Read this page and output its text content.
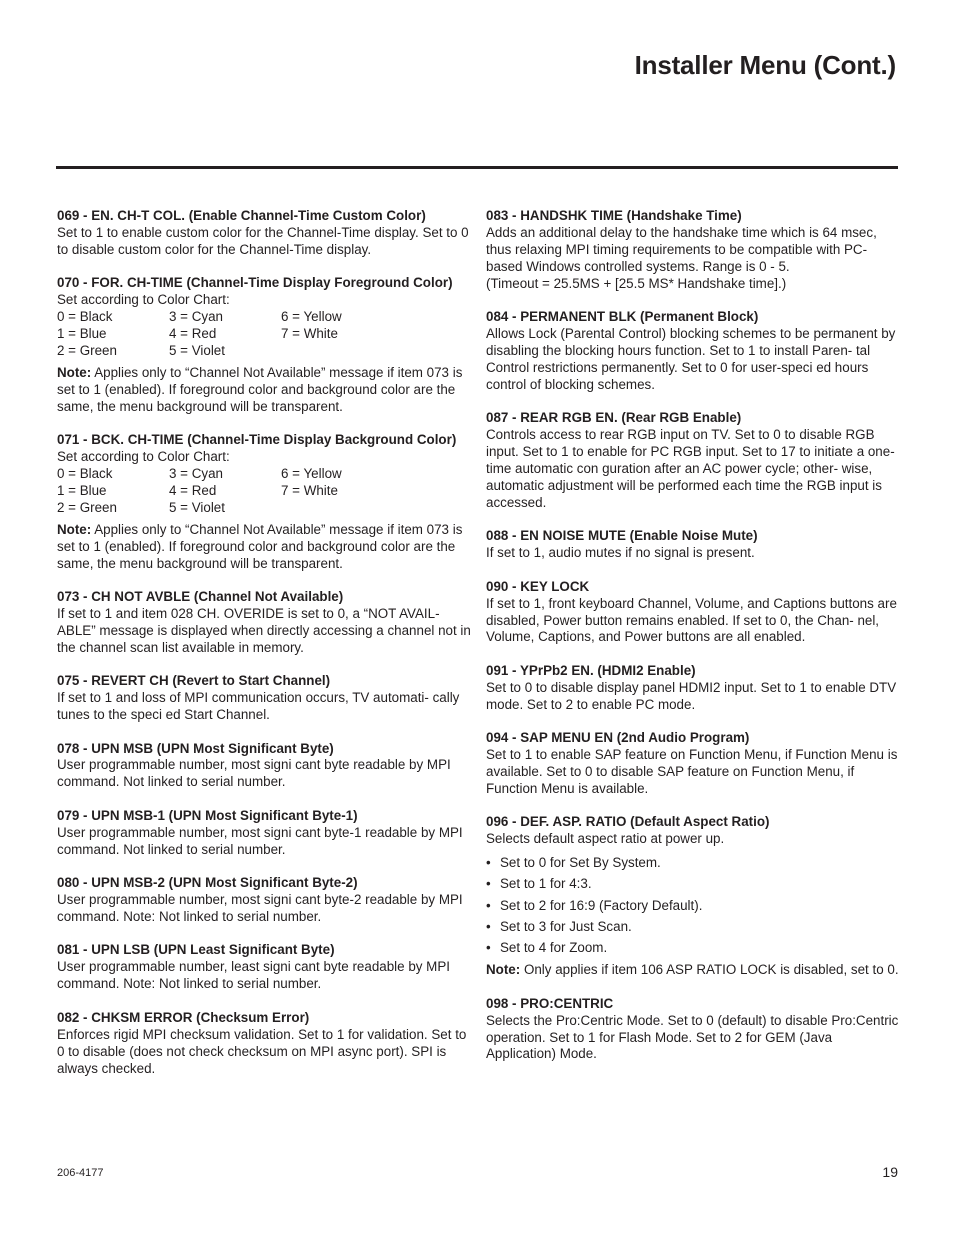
Installer Menu (Cont.)
069 - EN. CH-T COL. (Enable Channel-Time Custom Color)

Set to 1 to enable custom color for the Channel-Time display. Set to 0 to disable custom color for the Channel-Time display.

070 - FOR. CH-TIME (Channel-Time Display Foreground Color)
Set according to Color Chart:
0 = Black	3 = Cyan	6 = Yellow
1 = Blue	4 = Red	7 = White
2 = Green	5 = Violet

Note: Applies only to “Channel Not Available” message if item 073 is set to 1 (enabled). If foreground color and background color are the same, the menu background will be transparent.

071 - BCK. CH-TIME (Channel-Time Display Background Color)
Set according to Color Chart:
0 = Black	3 = Cyan	6 = Yellow
1 = Blue	4 = Red	7 = White
2 = Green	5 = Violet

Note: Applies only to “Channel Not Available” message if item 073 is set to 1 (enabled). If foreground color and background color are the same, the menu background will be transparent.

073 - CH NOT AVBLE (Channel Not Available)

If set to 1 and item 028 CH. OVERIDE is set to 0, a “NOT AVAIL- ABLE” message is displayed when directly accessing a channel not in the channel scan list available in memory.

075 - REVERT CH (Revert to Start Channel)

If set to 1 and loss of MPI communication occurs, TV automati- cally tunes to the speci ed Start Channel.

078 - UPN MSB (UPN Most Significant Byte)

User programmable number, most signi cant byte readable by MPI command. Not linked to serial number.

079 - UPN MSB-1 (UPN Most Significant Byte-1)

User programmable number, most signi cant byte-1 readable by MPI command. Not linked to serial number.

080 - UPN MSB-2 (UPN Most Significant Byte-2)

User programmable number, most signi cant byte-2 readable by MPI command. Note: Not linked to serial number.

081 - UPN LSB (UPN Least Significant Byte)

User programmable number, least signi cant byte readable by MPI command. Note: Not linked to serial number.

082 - CHKSM ERROR (Checksum Error)

Enforces rigid MPI checksum validation. Set to 1 for validation. Set to 0 to disable (does not check checksum on MPI async port). SPI is always checked.

083 - HANDSHK TIME (Handshake Time)
Adds an additional delay to the handshake time which is 64 msec, thus relaxing MPI timing requirements to be compatible with PC- based Windows controlled systems. Range is 0 - 5.
(Timeout = 25.5MS + [25.5 MS* Handshake time].)
084 - PERMANENT BLK (Permanent Block)

Allows Lock (Parental Control) blocking schemes to be permanent by disabling the blocking hours function. Set to 1 to install Paren- tal Control restrictions permanently. Set to 0 for user-speci ed hours control of blocking schemes.

087 - REAR RGB EN. (Rear RGB Enable)

Controls access to rear RGB input on TV. Set to 0 to disable RGB input. Set to 1 to enable for PC RGB input. Set to 17 to initiate a one-time automatic con guration after an AC power cycle; other- wise, automatic adjustment will be performed each time the RGB input is accessed.

088 - EN NOISE MUTE (Enable Noise Mute)

If set to 1, audio mutes if no signal is present.

090 - KEY LOCK

If set to 1, front keyboard Channel, Volume, and Captions buttons are disabled, Power button remains enabled. If set to 0, the Chan- nel, Volume, Captions, and Power buttons are all enabled.

091 - YPrPb2 EN. (HDMI2 Enable)

Set to 0 to disable display panel HDMI2 input. Set to 1 to enable DTV mode. Set to 2 to enable PC mode.

094 - SAP MENU EN (2nd Audio Program)

Set to 1 to enable SAP feature on Function Menu, if Function Menu is available. Set to 0 to disable SAP feature on Function Menu, if Function Menu is available.

096 - DEF. ASP. RATIO (Default Aspect Ratio)

Selects default aspect ratio at power up.

• Set to 0 for Set By System.
• Set to 1 for 4:3.
• Set to 2 for 16:9 (Factory Default).
• Set to 3 for Just Scan.
• Set to 4 for Zoom.

Note: Only applies if item 106 ASP RATIO LOCK is disabled, set to 0.

098 - PRO:CENTRIC

Selects the Pro:Centric Mode. Set to 0 (default) to disable Pro:Centric operation. Set to 1 for Flash Mode. Set to 2 for GEM (Java Application) Mode.

206-4177	19
